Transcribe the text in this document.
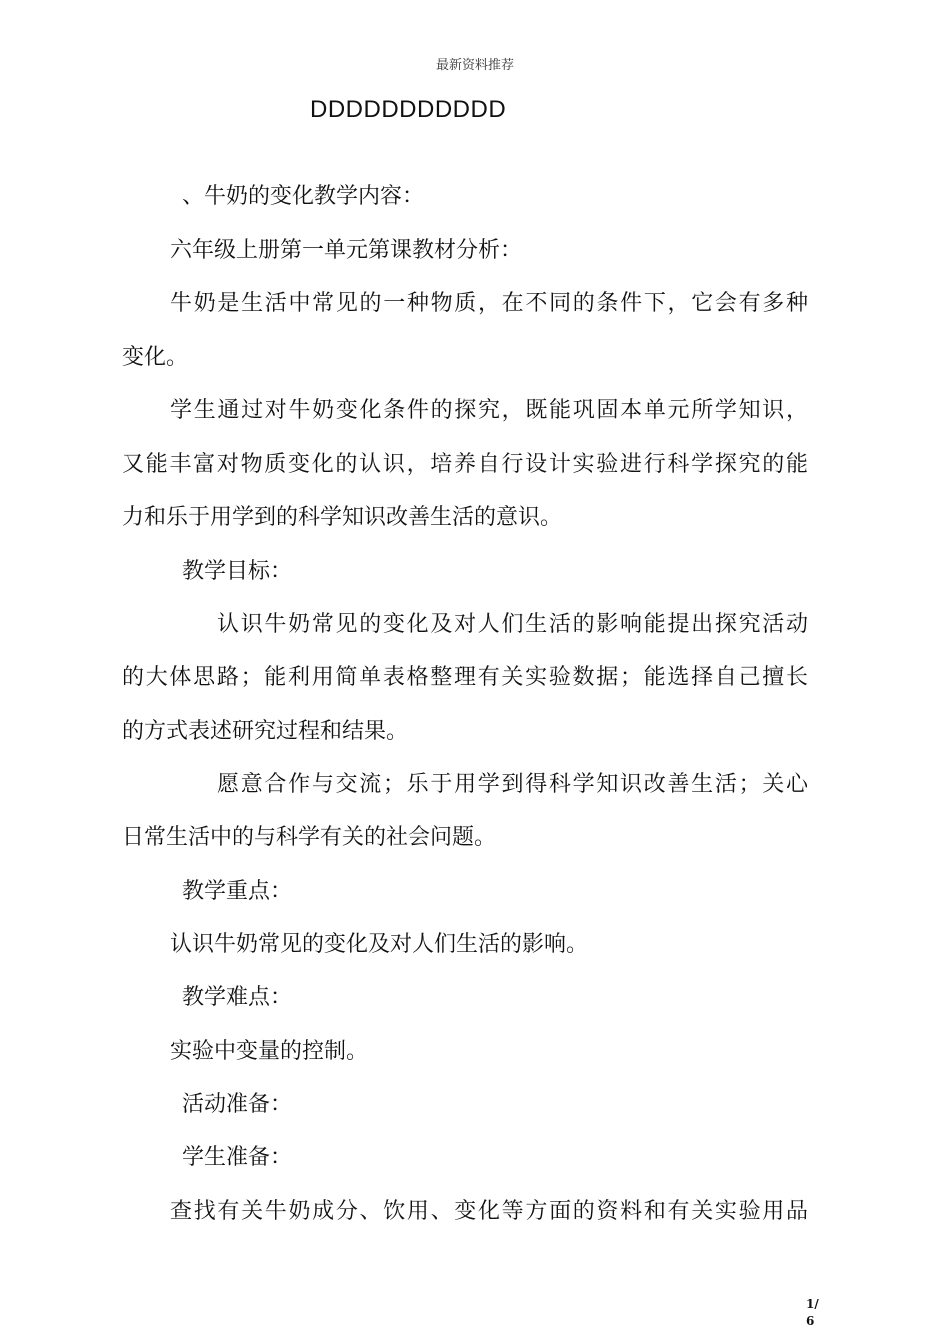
最新资料推荐
DDDDDDDDDDD
、牛奶的变化教学内容：
六年级上册第一单元第课教材分析：
牛奶是生活中常见的一种物质，在不同的条件下，它会有多种
变化。
学生通过对牛奶变化条件的探究，既能巩固本单元所学知识，
又能丰富对物质变化的认识，培养自行设计实验进行科学探究的能
力和乐于用学到的科学知识改善生活的意识。
教学目标：
认识牛奶常见的变化及对人们生活的影响能提出探究活动
的大体思路；能利用简单表格整理有关实验数据；能选择自己擅长
的方式表述研究过程和结果。
愿意合作与交流；乐于用学到得科学知识改善生活；关心
日常生活中的与科学有关的社会问题。
教学重点：
认识牛奶常见的变化及对人们生活的影响。
教学难点：
实验中变量的控制。
活动准备：
学生准备：
查找有关牛奶成分、饮用、变化等方面的资料和有关实验用品
1/
6
